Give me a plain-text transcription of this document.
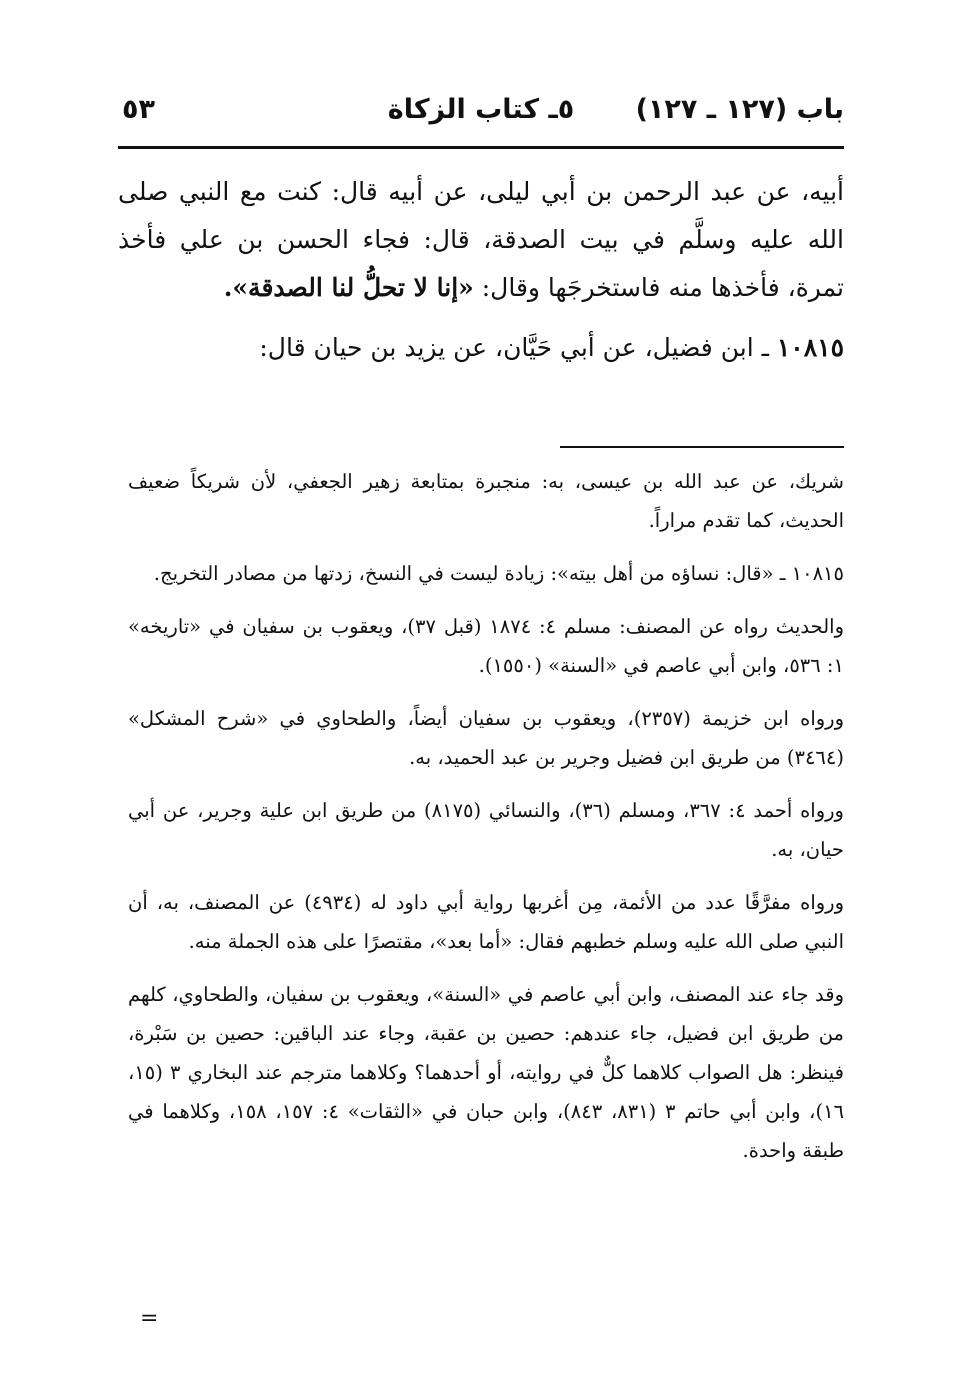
باب (١٢٧ ـ ١٢٧)
٥ـ كتاب الزكاة
٥٣

أبيه، عن عبد الرحمن بن أبي ليلى، عن أبيه قال: كنت مع النبي صلى الله عليه وسلَّم في بيت الصدقة، قال: فجاء الحسن بن علي فأخذ تمرة، فأخذها منه فاستخرجَها وقال: «إنا لا تحلُّ لنا الصدقة».

١٠٨١٥ ـ ابن فضيل، عن أبي حَيَّان، عن يزيد بن حيان قال:

شريك، عن عبد الله بن عيسى، به: منجبرة بمتابعة زهير الجعفي، لأن شريكاً ضعيف الحديث، كما تقدم مراراً.

١٠٨١٥ ـ «قال: نساؤه من أهل بيته»: زيادة ليست في النسخ، زدتها من مصادر التخريج.

والحديث رواه عن المصنف: مسلم ٤: ١٨٧٤ (قبل ٣٧)، ويعقوب بن سفيان في «تاريخه» ١: ٥٣٦، وابن أبي عاصم في «السنة» (١٥٥٠).

ورواه ابن خزيمة (٢٣٥٧)، ويعقوب بن سفيان أيضاً، والطحاوي في «شرح المشكل» (٣٤٦٤) من طريق ابن فضيل وجرير بن عبد الحميد، به.

ورواه أحمد ٤: ٣٦٧، ومسلم (٣٦)، والنسائي (٨١٧٥) من طريق ابن علية وجرير، عن أبي حيان، به.

ورواه مفرَّقًا عدد من الأئمة، مِن أغربها رواية أبي داود له (٤٩٣٤) عن المصنف، به، أن النبي صلى الله عليه وسلم خطبهم فقال: «أما بعد»، مقتصرًا على هذه الجملة منه.

وقد جاء عند المصنف، وابن أبي عاصم في «السنة»، ويعقوب بن سفيان، والطحاوي، كلهم من طريق ابن فضيل، جاء عندهم: حصين بن عقبة، وجاء عند الباقين: حصين بن سَبْرة، فينظر: هل الصواب كلاهما كلٌّ في روايته، أو أحدهما؟ وكلاهما مترجم عند البخاري ٣ (١٥، ١٦)، وابن أبي حاتم ٣ (٨٣١، ٨٤٣)، وابن حبان في «الثقات» ٤: ١٥٧، ١٥٨، وكلاهما في طبقة واحدة.

=
